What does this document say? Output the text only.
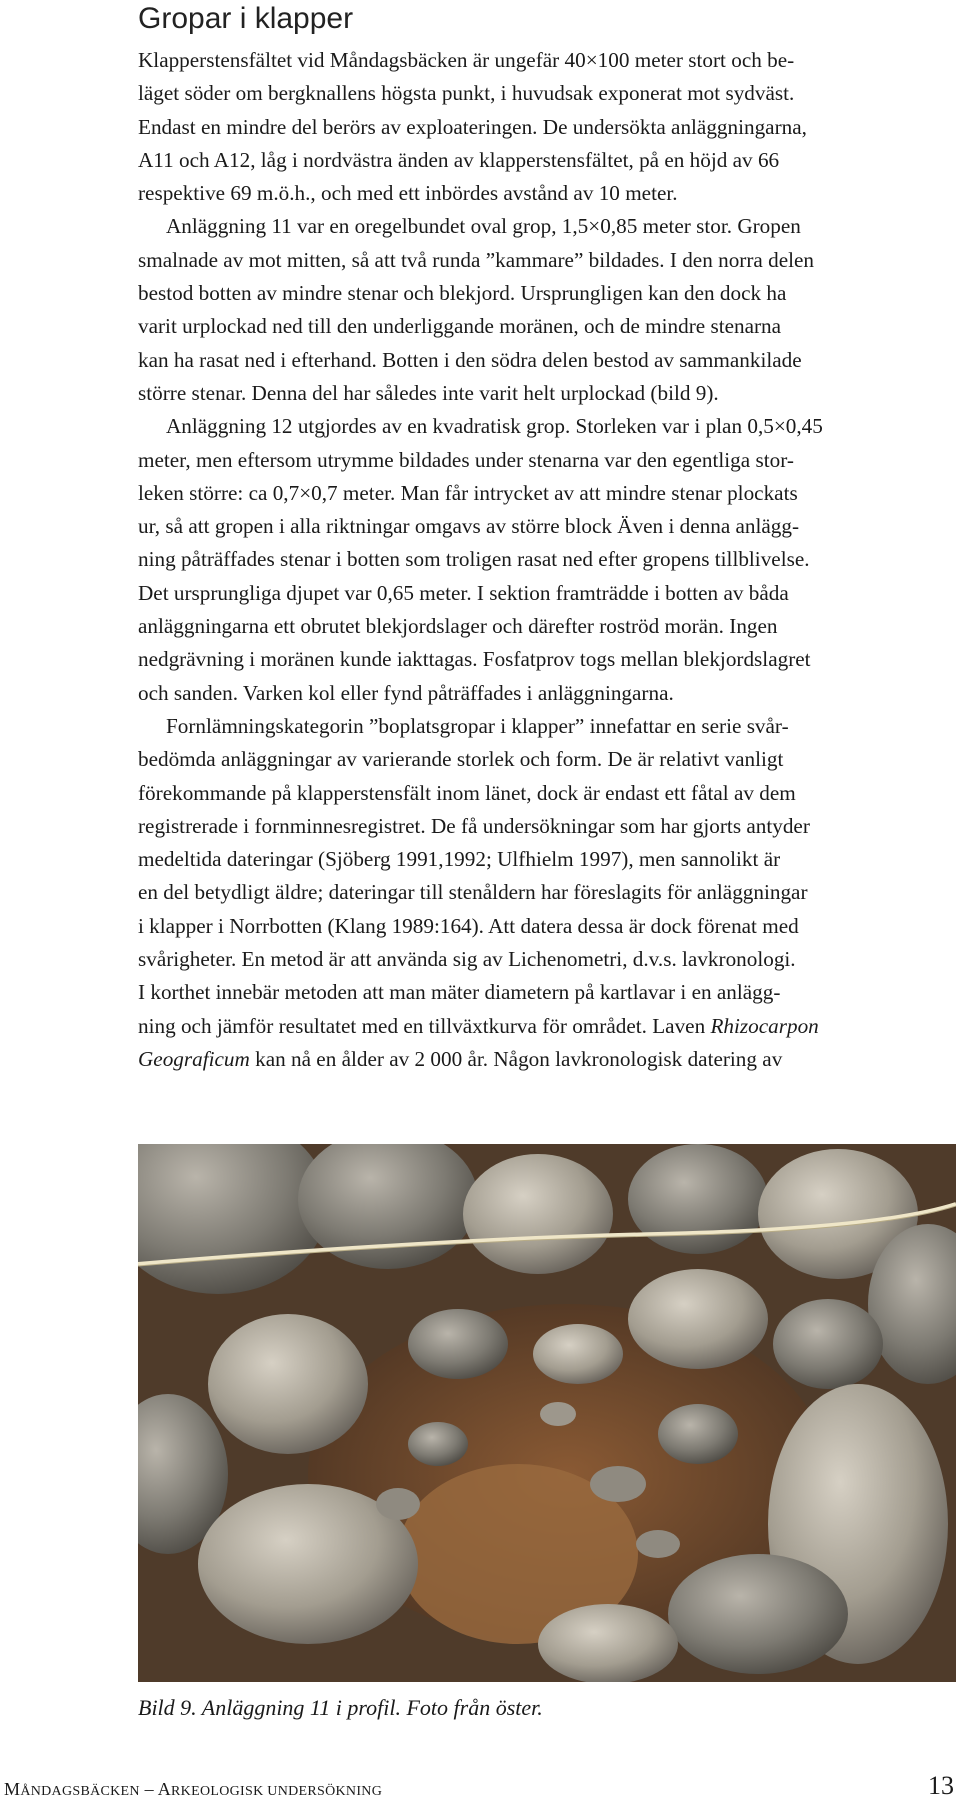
Gropar i klapper

Klapperstensfältet vid Måndagsbäcken är ungefär 40×100 meter stort och be-
läget söder om bergknallens högsta punkt, i huvudsak exponerat mot sydväst.
Endast en mindre del berörs av exploateringen. De undersökta anläggningarna,
A11 och A12, låg i nordvästra änden av klapperstensfältet, på en höjd av 66
respektive 69 m.ö.h., och med ett inbördes avstånd av 10 meter.

Anläggning 11 var en oregelbundet oval grop, 1,5×0,85 meter stor. Gropen
smalnade av mot mitten, så att två runda ”kammare” bildades. I den norra delen
bestod botten av mindre stenar och blekjord. Ursprungligen kan den dock ha
varit urplockad ned till den underliggande moränen, och de mindre stenarna
kan ha rasat ned i efterhand. Botten i den södra delen bestod av sammankilade
större stenar. Denna del har således inte varit helt urplockad (bild 9).

Anläggning 12 utgjordes av en kvadratisk grop. Storleken var i plan 0,5×0,45
meter, men eftersom utrymme bildades under stenarna var den egentliga stor-
leken större: ca 0,7×0,7 meter. Man får intrycket av att mindre stenar plockats
ur, så att gropen i alla riktningar omgavs av större block Även i denna anlägg-
ning påträffades stenar i botten som troligen rasat ned efter gropens tillblivelse.
Det ursprungliga djupet var 0,65 meter. I sektion framträdde i botten av båda
anläggningarna ett obrutet blekjordslager och därefter roströd morän. Ingen
nedgrävning i moränen kunde iakttagas. Fosfatprov togs mellan blekjordslagret
och sanden. Varken kol eller fynd påträffades i anläggningarna.

Fornlämningskategorin ”boplatsgropar i klapper” innefattar en serie svår-
bedömda anläggningar av varierande storlek och form. De är relativt vanligt
förekommande på klapperstensfält inom länet, dock är endast ett fåtal av dem
registrerade i fornminnesregistret. De få undersökningar som har gjorts antyder
medeltida dateringar (Sjöberg 1991,1992; Ulfhielm 1997), men sannolikt är
en del betydligt äldre; dateringar till stenåldern har föreslagits för anläggningar
i klapper i Norrbotten (Klang 1989:164). Att datera dessa är dock förenat med
svårigheter. En metod är att använda sig av Lichenometri, d.v.s. lavkronologi.
I korthet innebär metoden att man mäter diametern på kartlavar i en anlägg-
ning och jämför resultatet med en tillväxtkurva för området. Laven Rhizocarpon
Geograficum kan nå en ålder av 2 000 år. Någon lavkronologisk datering av

Bild 9. Anläggning 11 i profil. Foto från öster.
MÅNDAGSBÄCKEN – ARKEOLOGISK UNDERSÖKNING	13
